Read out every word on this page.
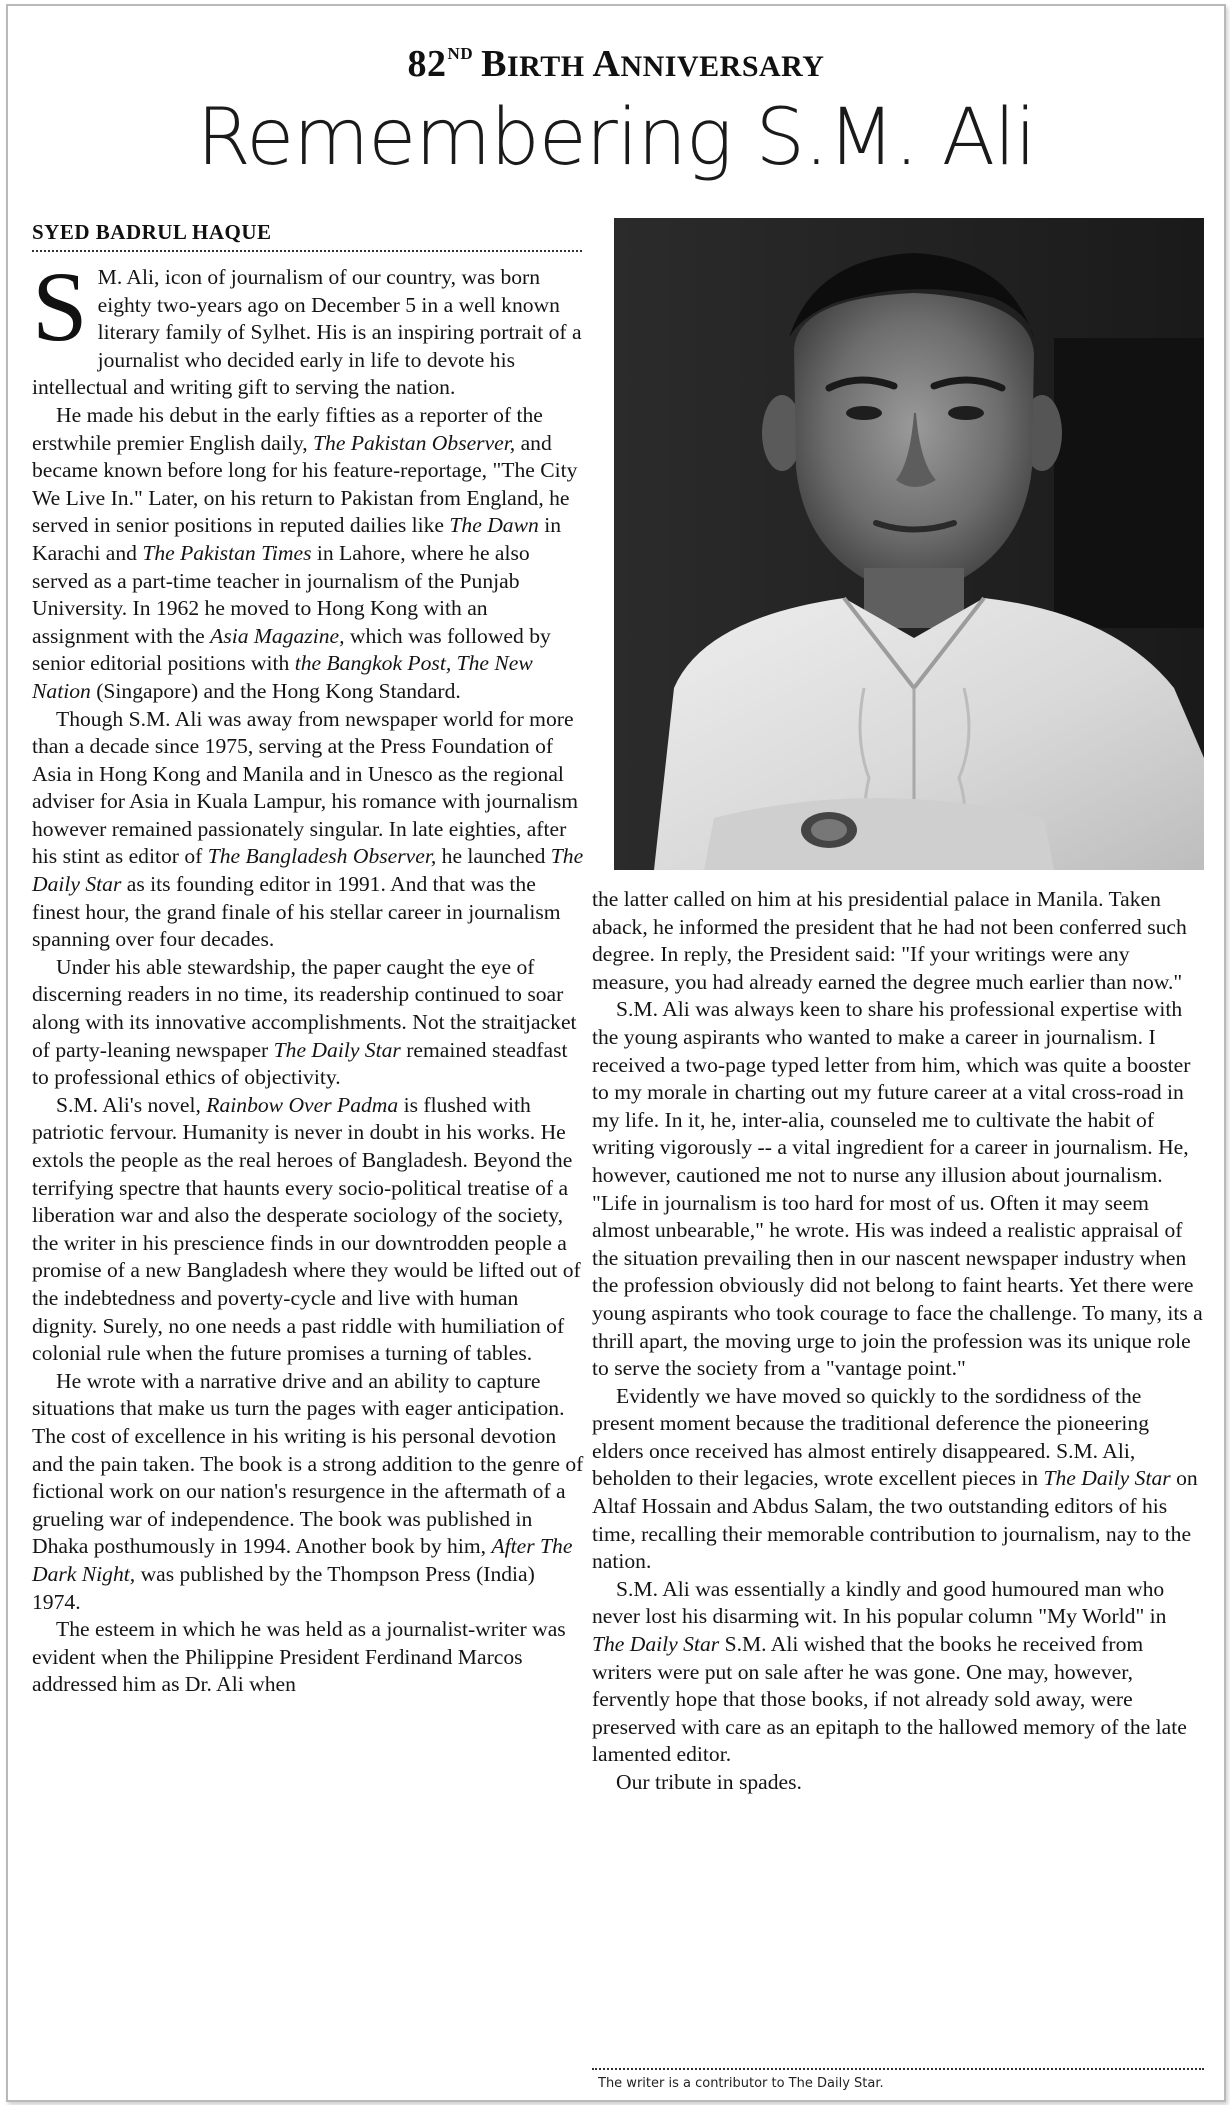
82ND BIRTH ANNIVERSARY
Remembering S.M. Ali
SYED BADRUL HAQUE

S M. Ali, icon of journalism of our country, was born eighty two-years ago on December 5 in a well known literary family of Sylhet. His is an inspiring portrait of a journalist who decided early in life to devote his intellectual and writing gift to serving the nation.

He made his debut in the early fifties as a reporter of the erstwhile premier English daily, The Pakistan Observer, and became known before long for his feature-reportage, "The City We Live In." Later, on his return to Pakistan from England, he served in senior positions in reputed dailies like The Dawn in Karachi and The Pakistan Times in Lahore, where he also served as a part-time teacher in journalism of the Punjab University. In 1962 he moved to Hong Kong with an assignment with the Asia Magazine, which was followed by senior editorial positions with the Bangkok Post, The New Nation (Singapore) and the Hong Kong Standard.

Though S.M. Ali was away from newspaper world for more than a decade since 1975, serving at the Press Foundation of Asia in Hong Kong and Manila and in Unesco as the regional adviser for Asia in Kuala Lampur, his romance with journalism however remained passionately singular. In late eighties, after his stint as editor of The Bangladesh Observer, he launched The Daily Star as its founding editor in 1991. And that was the finest hour, the grand finale of his stellar career in journalism spanning over four decades.

Under his able stewardship, the paper caught the eye of discerning readers in no time, its readership continued to soar along with its innovative accomplishments. Not the straitjacket of party-leaning newspaper The Daily Star remained steadfast to professional ethics of objectivity.

S.M. Ali's novel, Rainbow Over Padma is flushed with patriotic fervour. Humanity is never in doubt in his works. He extols the people as the real heroes of Bangladesh. Beyond the terrifying spectre that haunts every socio-political treatise of a liberation war and also the desperate sociology of the society, the writer in his prescience finds in our downtrodden people a promise of a new Bangladesh where they would be lifted out of the indebtedness and poverty-cycle and live with human dignity. Surely, no one needs a past riddle with humiliation of colonial rule when the future promises a turning of tables.

He wrote with a narrative drive and an ability to capture situations that make us turn the pages with eager anticipation. The cost of excellence in his writing is his personal devotion and the pain taken. The book is a strong addition to the genre of fictional work on our nation's resurgence in the aftermath of a grueling war of independence. The book was published in Dhaka posthumously in 1994. Another book by him, After The Dark Night, was published by the Thompson Press (India) 1974.

The esteem in which he was held as a journalist-writer was evident when the Philippine President Ferdinand Marcos addressed him as Dr. Ali when

the latter called on him at his presidential palace in Manila. Taken aback, he informed the president that he had not been conferred such degree. In reply, the President said: "If your writings were any measure, you had already earned the degree much earlier than now."

S.M. Ali was always keen to share his professional expertise with the young aspirants who wanted to make a career in journalism. I received a two-page typed letter from him, which was quite a booster to my morale in charting out my future career at a vital cross-road in my life. In it, he, inter-alia, counseled me to cultivate the habit of writing vigorously -- a vital ingredient for a career in journalism. He, however, cautioned me not to nurse any illusion about journalism. "Life in journalism is too hard for most of us. Often it may seem almost unbearable," he wrote. His was indeed a realistic appraisal of the situation prevailing then in our nascent newspaper industry when the profession obviously did not belong to faint hearts. Yet there were young aspirants who took courage to face the challenge. To many, its a thrill apart, the moving urge to join the profession was its unique role to serve the society from a "vantage point."

Evidently we have moved so quickly to the sordidness of the present moment because the traditional deference the pioneering elders once received has almost entirely disappeared. S.M. Ali, beholden to their legacies, wrote excellent pieces in The Daily Star on Altaf Hossain and Abdus Salam, the two outstanding editors of his time, recalling their memorable contribution to journalism, nay to the nation.

S.M. Ali was essentially a kindly and good humoured man who never lost his disarming wit. In his popular column "My World" in The Daily Star S.M. Ali wished that the books he received from writers were put on sale after he was gone. One may, however, fervently hope that those books, if not already sold away, were preserved with care as an epitaph to the hallowed memory of the late lamented editor.

Our tribute in spades.

The writer is a contributor to The Daily Star.
